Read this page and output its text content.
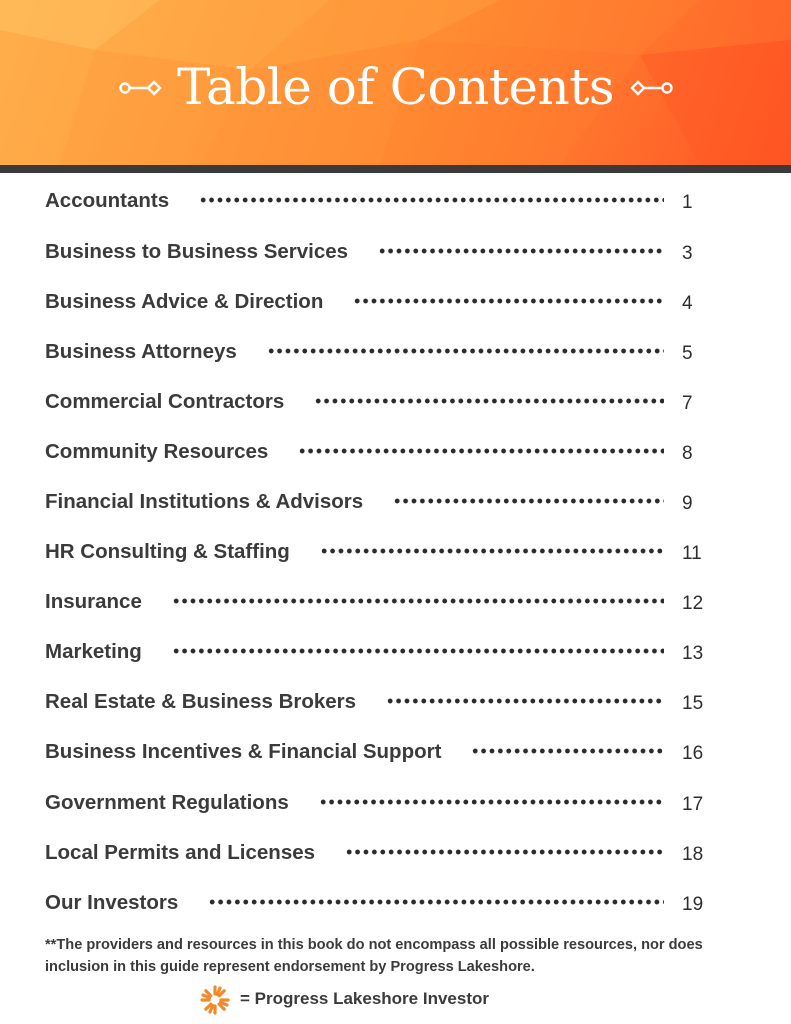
Table of Contents
Accountants	1
Business to Business Services	3
Business Advice & Direction	4
Business Attorneys	5
Commercial Contractors	7
Community Resources	8
Financial Institutions & Advisors	9
HR Consulting & Staffing	11
Insurance	12
Marketing	13
Real Estate & Business Brokers	15
Business Incentives & Financial Support	16
Government Regulations	17
Local Permits and Licenses	18
Our Investors	19
**The providers and resources in this book do not encompass all possible resources, nor does inclusion in this guide represent endorsement by Progress Lakeshore.
= Progress Lakeshore Investor
